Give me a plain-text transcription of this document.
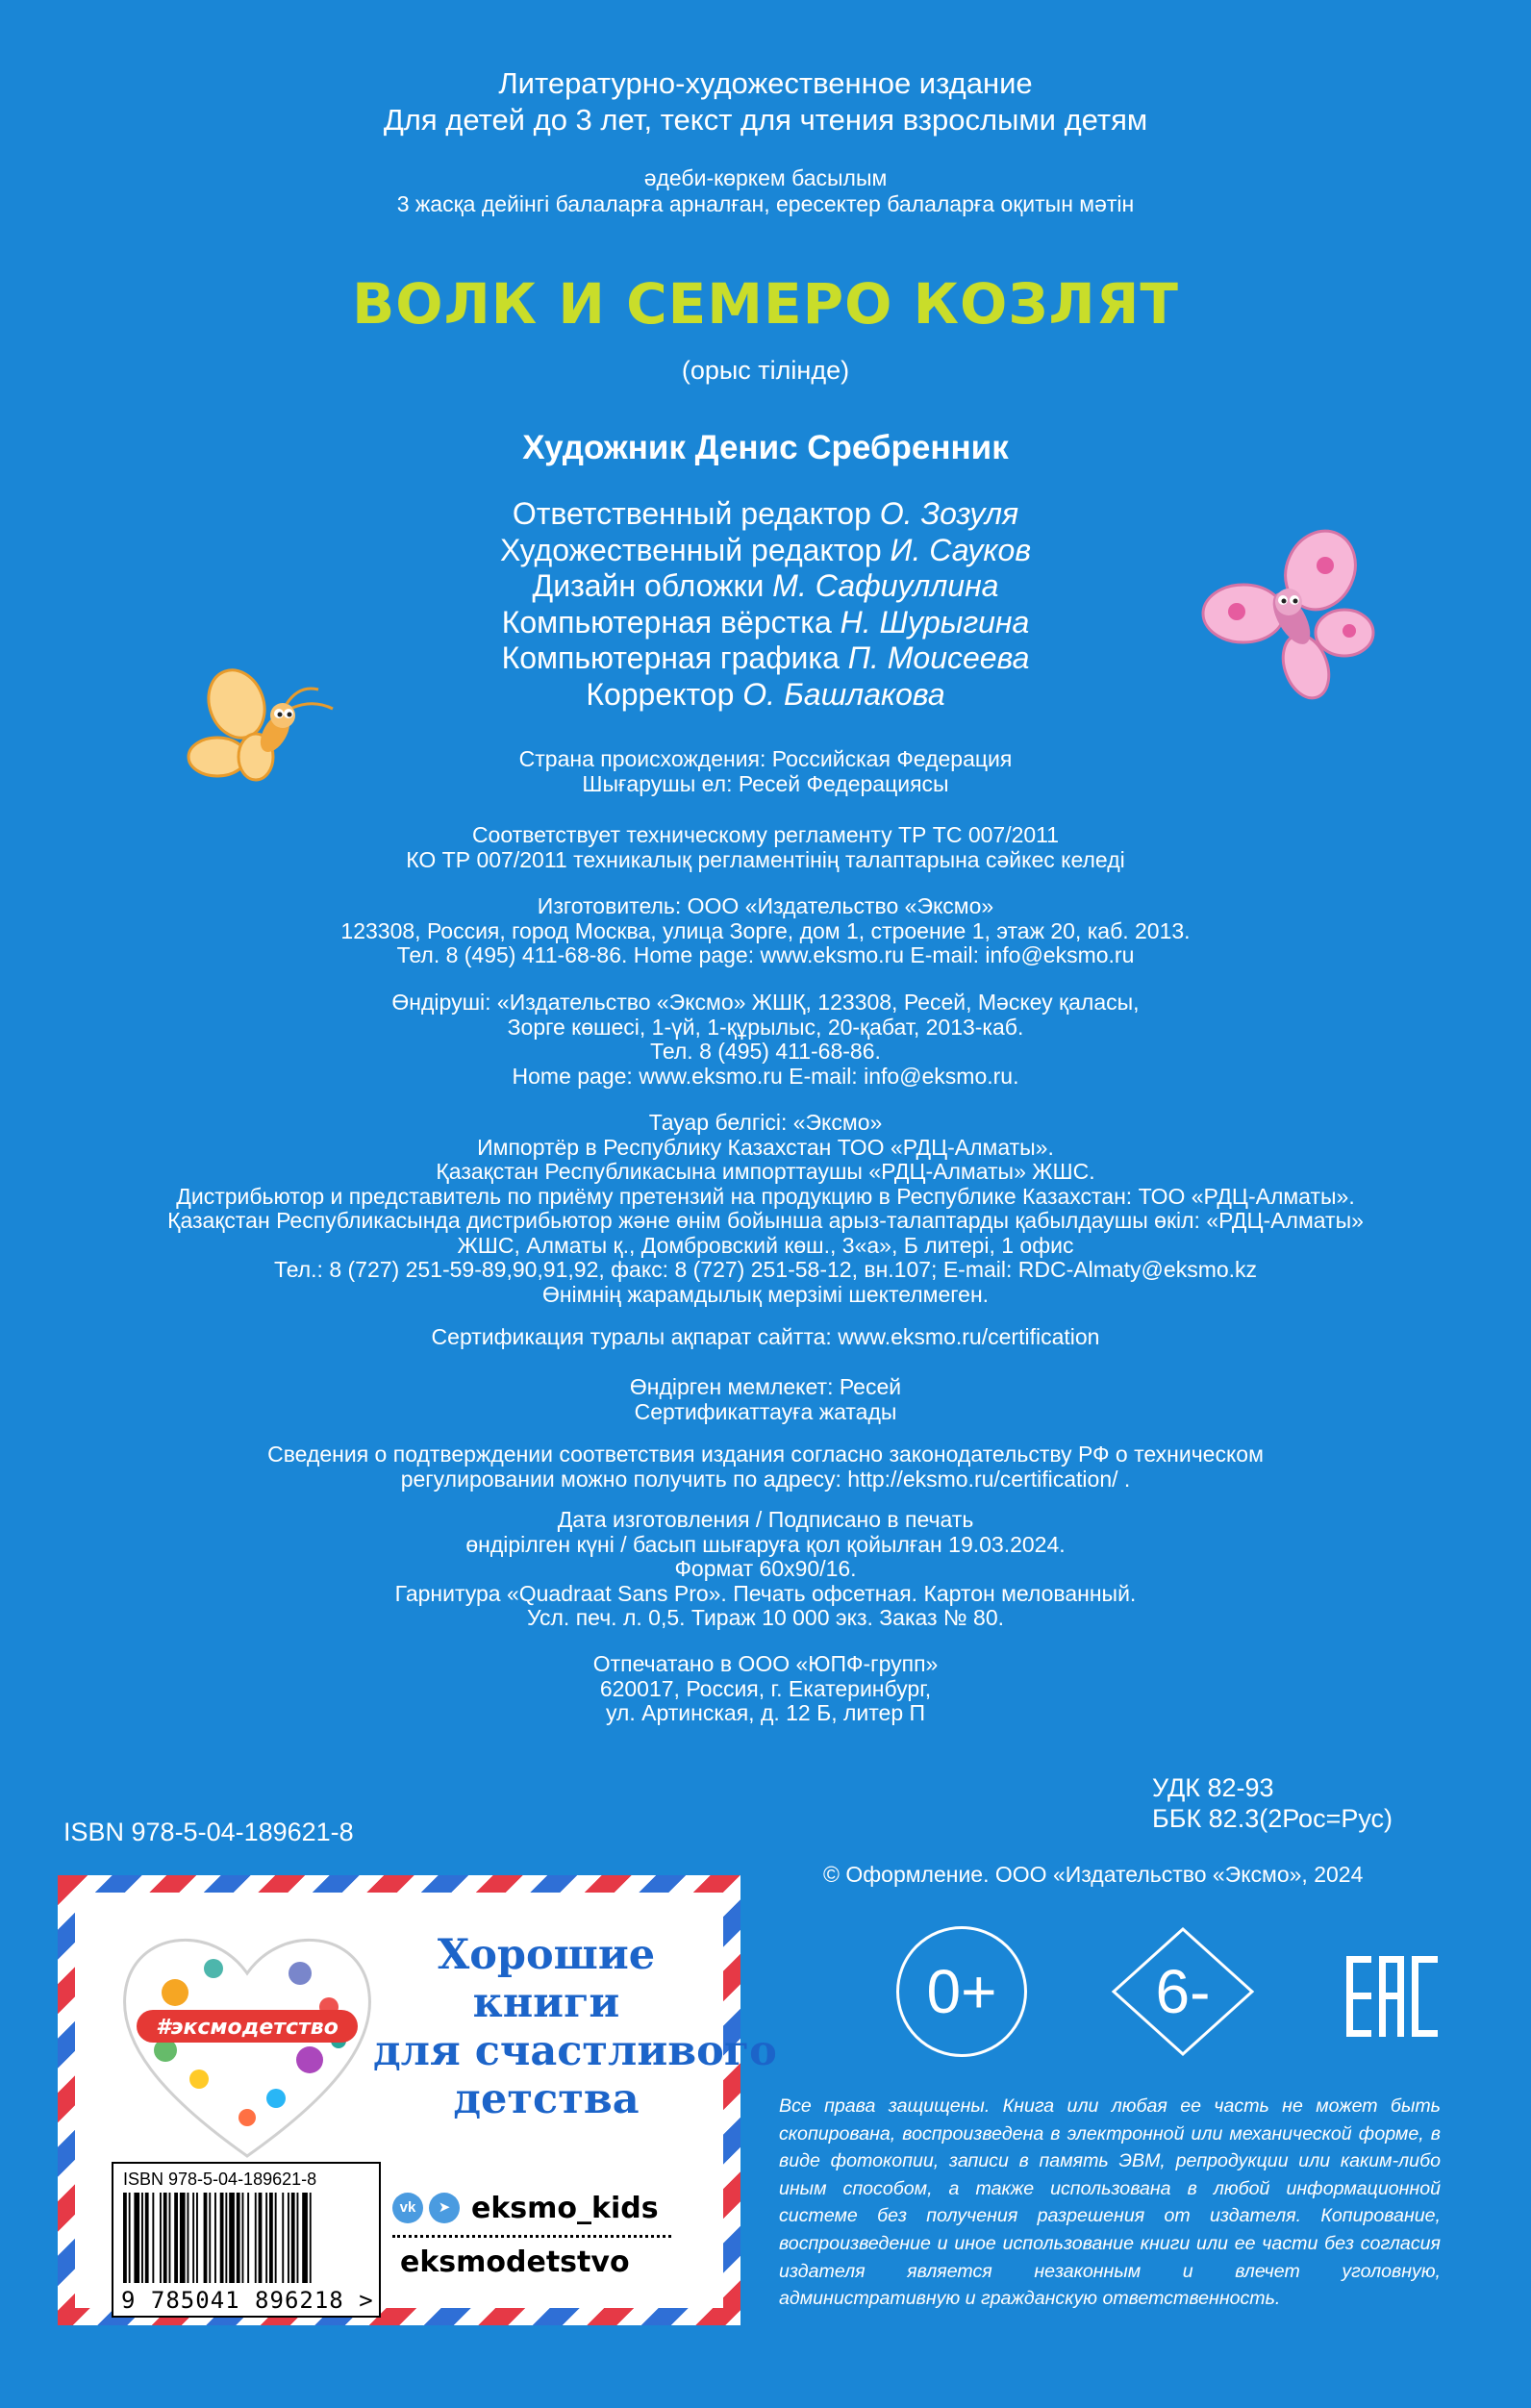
Литературно-художественное издание
Для детей до 3 лет, текст для чтения взрослыми детям
әдеби-көркем басылым
3 жасқа дейінгі балаларға арналған, ересектер балаларға оқитын мәтін
ВОЛК И СЕМЕРО КОЗЛЯТ
(орыс тілінде)
Художник Денис Сребренник
Ответственный редактор О. Зозуля
Художественный редактор И. Сауков
Дизайн обложки М. Сафиуллина
Компьютерная вёрстка Н. Шурыгина
Компьютерная графика П. Моисеева
Корректор О. Башлакова
Страна происхождения: Российская Федерация
Шығарушы ел: Ресей Федерациясы
Соответствует техническому регламенту ТР ТС 007/2011
КО ТР 007/2011 техникалық регламентінің талаптарына сәйкес келеді
Изготовитель: ООО «Издательство «Эксмо»
123308, Россия, город Москва, улица Зорге, дом 1, строение 1, этаж 20, каб. 2013.
Тел. 8 (495) 411-68-86. Home page: www.eksmo.ru E-mail: info@eksmo.ru
Өндіруші: «Издательство «Эксмо» ЖШҚ, 123308, Ресей, Мәскеу қаласы,
Зорге көшесі, 1-үй, 1-құрылыс, 20-қабат, 2013-каб.
Тел. 8 (495) 411-68-86.
Home page: www.eksmo.ru E-mail: info@eksmo.ru.
Тауар белгісі: «Эксмо»
Импортёр в Республику Казахстан ТОО «РДЦ-Алматы».
Қазақстан Республикасына импорттаушы «РДЦ-Алматы» ЖШС.
Дистрибьютор и представитель по приёму претензий на продукцию в Республике Казахстан: ТОО «РДЦ-Алматы».
Қазақстан Республикасында дистрибьютор және өнім бойынша арыз-талаптарды қабылдаушы өкіл: «РДЦ-Алматы»
ЖШС, Алматы қ., Домбровский көш., 3«а», Б литері, 1 офис
Тел.: 8 (727) 251-59-89,90,91,92, факс: 8 (727) 251-58-12, вн.107; E-mail: RDC-Almaty@eksmo.kz
Өнімнің жарамдылық мерзімі шектелмеген.
Сертификация туралы ақпарат сайтта: www.eksmo.ru/certification
Өндірген мемлекет: Ресей
Сертификаттауға жатады
Сведения о подтверждении соответствия издания согласно законодательству РФ о техническом
регулировании можно получить по адресу: http://eksmo.ru/certification/ .
Дата изготовления / Подписано в печать
өндірілген күні / басып шығаруға қол қойылған 19.03.2024.
Формат 60х90/16.
Гарнитура «Quadraat Sans Pro». Печать офсетная. Картон мелованный.
Усл. печ. л. 0,5. Тираж 10 000 экз. Заказ № 80.
Отпечатано в ООО «ЮПФ-групп»
620017, Россия, г. Екатеринбург,
ул. Артинская, д. 12 Б, литер П
УДК 82-93
ББК 82.3(2Рос=Рус)
ISBN 978-5-04-189621-8
© Оформление. ООО «Издательство «Эксмо», 2024
#эксмодетство
Хорошие
книги
для счастливого
детства
ISBN 978-5-04-189621-8
9 785041 896218 >
vk	➤ eksmo_kids
eksmodetstvo
0+	6-
Все права защищены. Книга или любая ее часть не может быть скопирована, воспроизведена в электронной или механической форме, в виде фотокопии, записи в память ЭВМ, репродукции или каким-либо иным способом, а также использована в любой информационной системе без получения разрешения от издателя. Копирование, воспроизведение и иное использование книги или ее части без согласия издателя является незаконным и влечет уголовную, административную и гражданскую ответственность.
